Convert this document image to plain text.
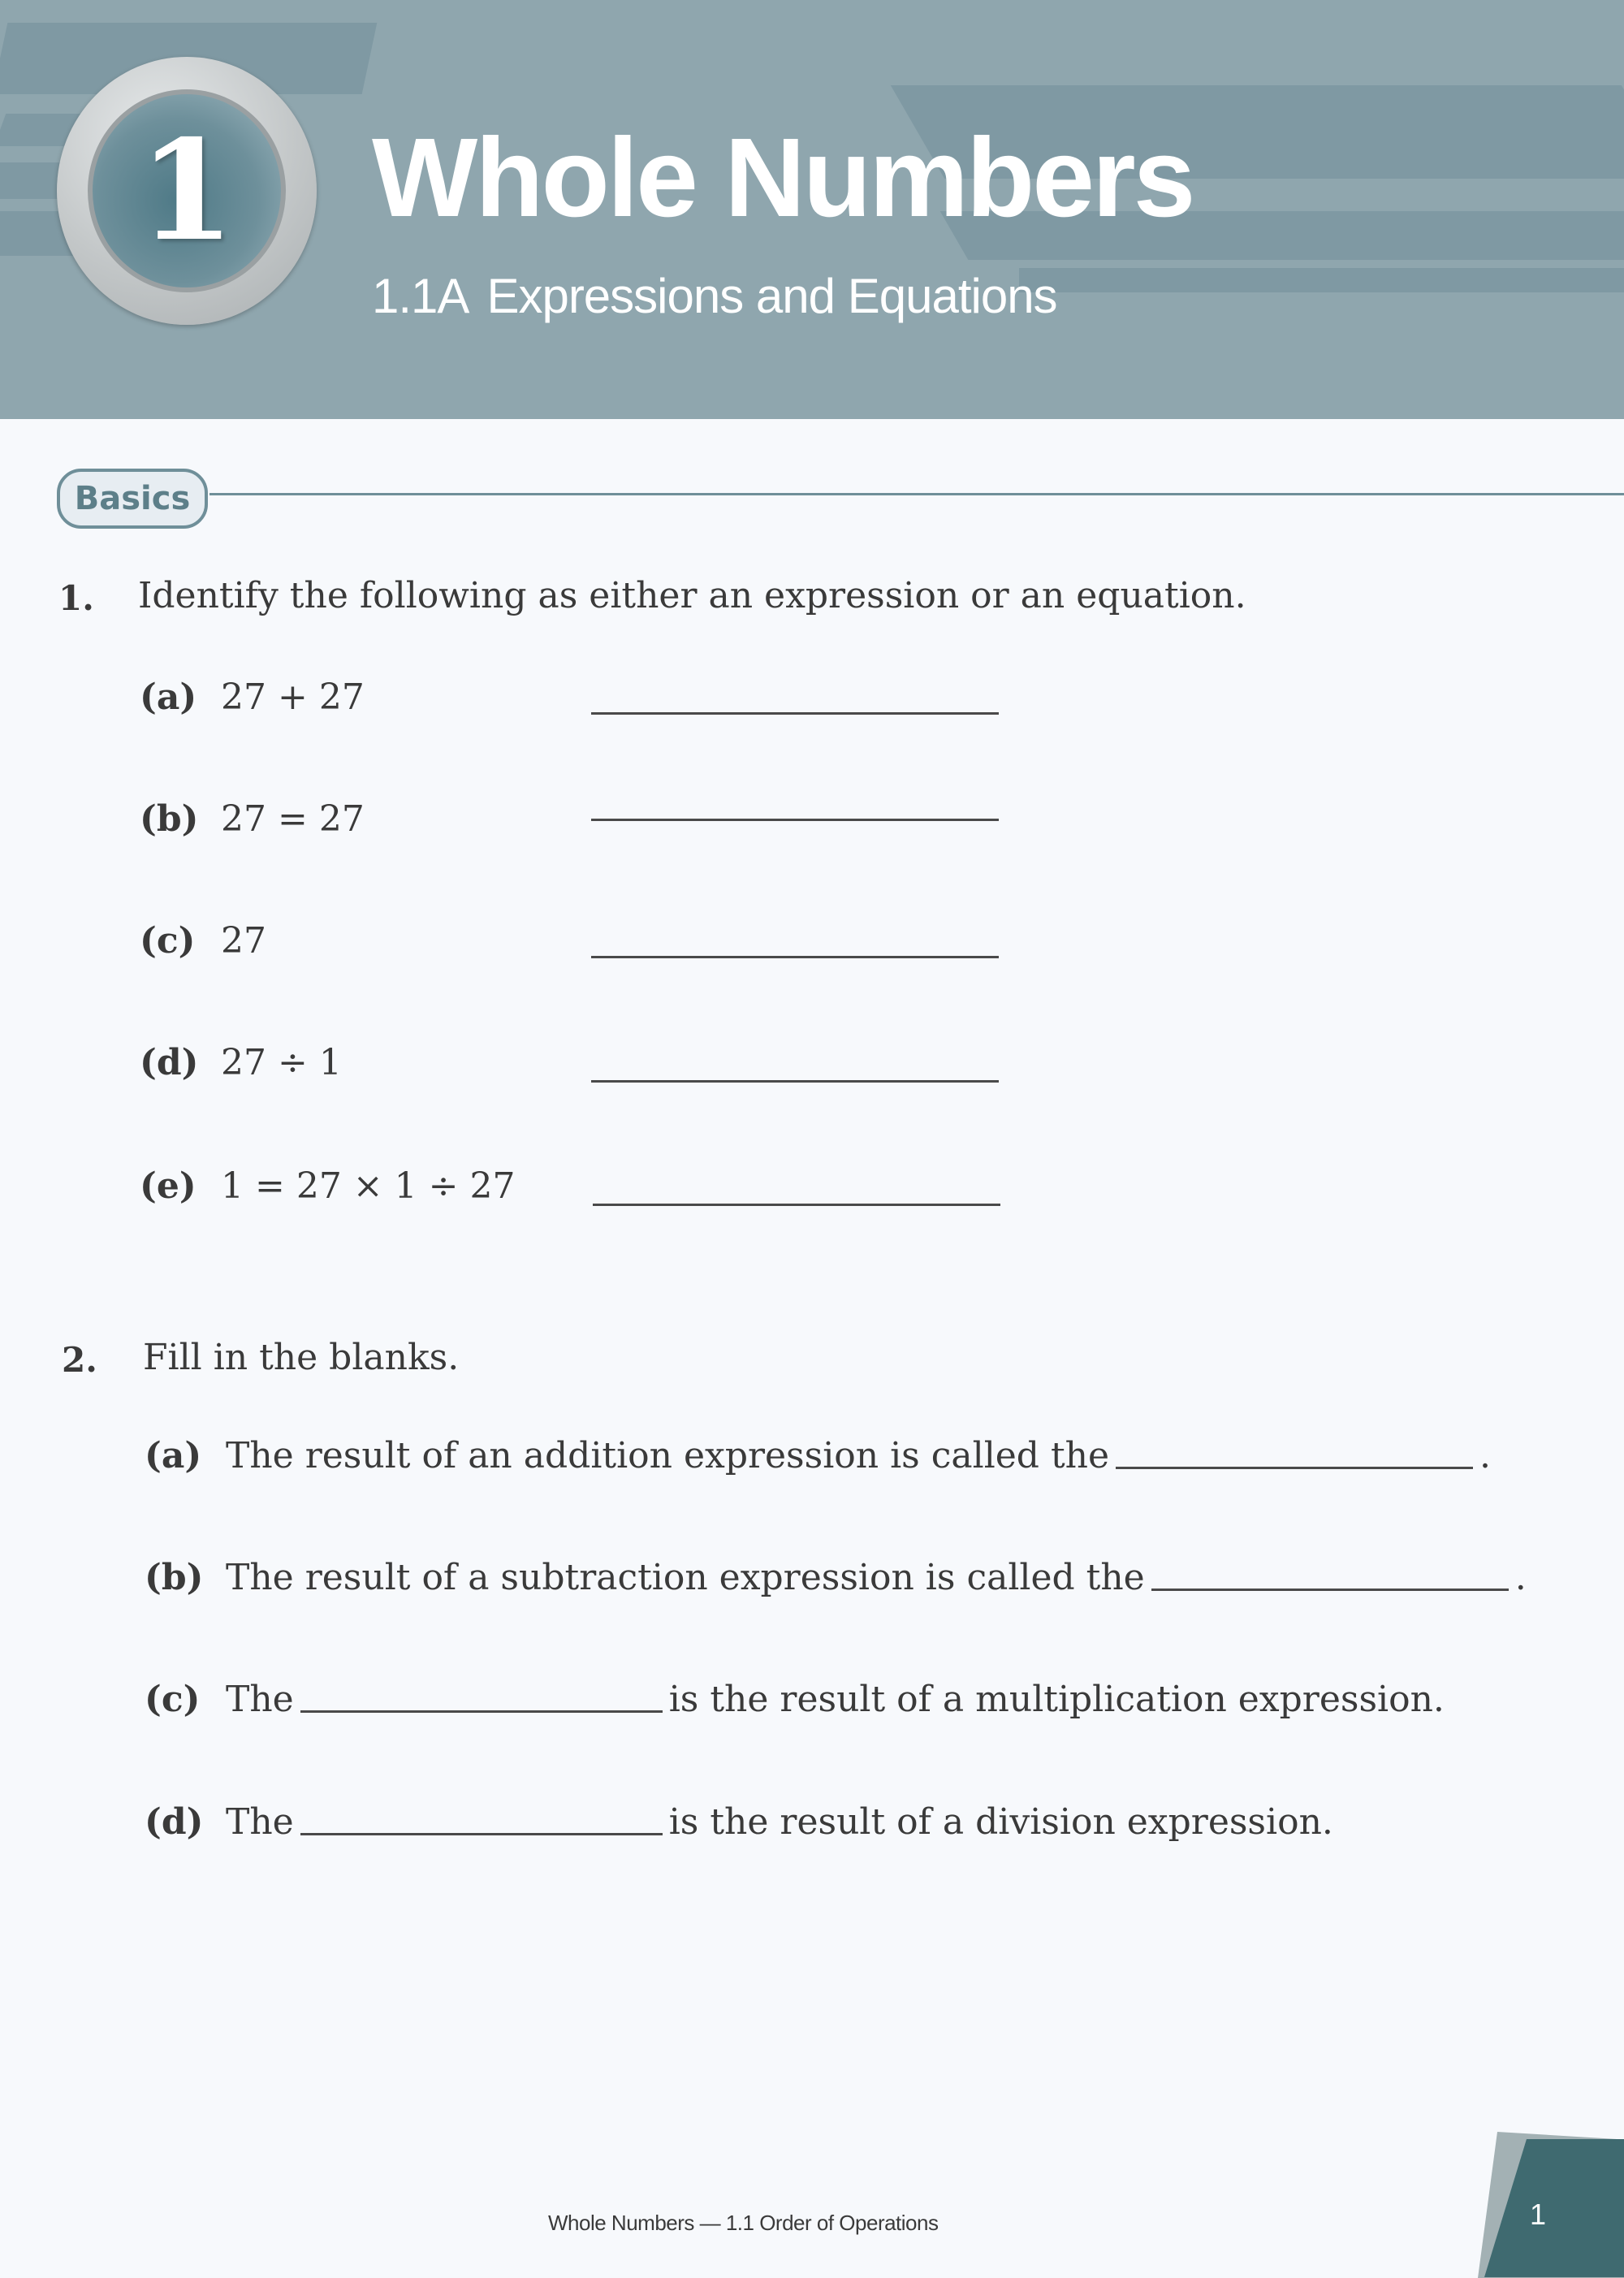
1 Whole Numbers
1.1A Expressions and Equations
Basics
1. Identify the following as either an expression or an equation.
(a) 27 + 27
(b) 27 = 27
(c) 27
(d) 27 ÷ 1
(e) 1 = 27 × 1 ÷ 27
2. Fill in the blanks.
(a) The result of an addition expression is called the	.
(b) The result of a subtraction expression is called the	.
(c) The	is the result of a multiplication expression.
(d) The	is the result of a division expression.
Whole Numbers — 1.1 Order of Operations	1
